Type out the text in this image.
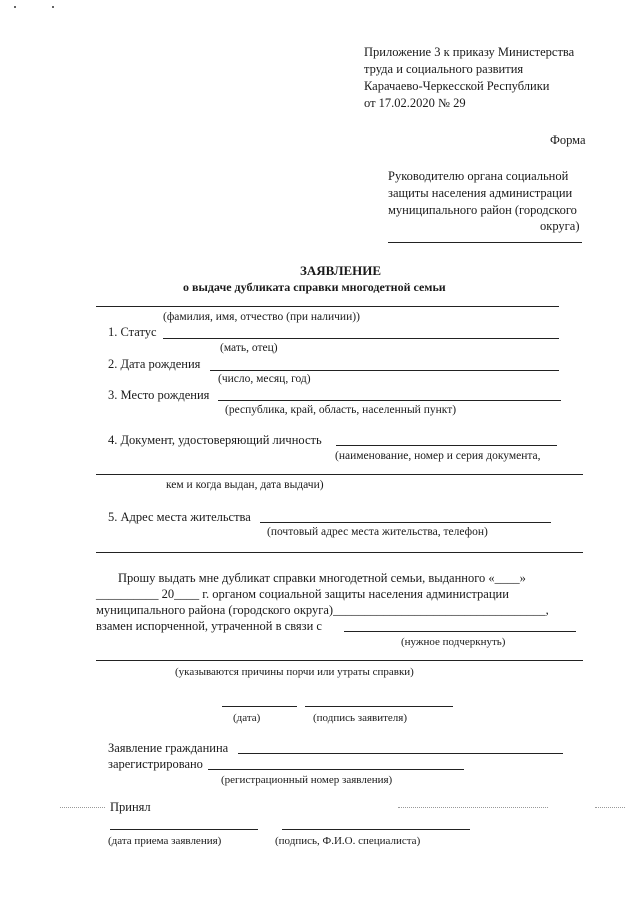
Приложение 3 к приказу Министерства
труда и социального развития
Карачаево-Черкесской Республики
от 17.02.2020 № 29
Форма
Руководителю органа социальной
защиты населения администрации
муниципального район (городского
округа)
ЗАЯВЛЕНИЕ
о выдаче дубликата справки многодетной семьи
(фамилия, имя, отчество (при наличии))
1. Статус
(мать, отец)
2. Дата рождения
(число, месяц, год)
3. Место рождения
(республика, край, область, населенный пункт)
4. Документ, удостоверяющий личность
(наименование, номер и серия документа,
кем и когда выдан, дата выдачи)
5. Адрес места жительства
(почтовый адрес места жительства, телефон)
Прошу выдать мне дубликат справки многодетной семьи, выданного «____»
__________ 20____ г. органом социальной защиты населения администрации
муниципального района (городского округа)__________________________________,
взамен испорченной, утраченной в связи с
(нужное подчеркнуть)
(указываются причины порчи или утраты справки)
(дата)	(подпись заявителя)
Заявление гражданина
зарегистрировано
(регистрационный номер заявления)
Принял
(дата приема заявления)	(подпись, Ф.И.О. специалиста)
